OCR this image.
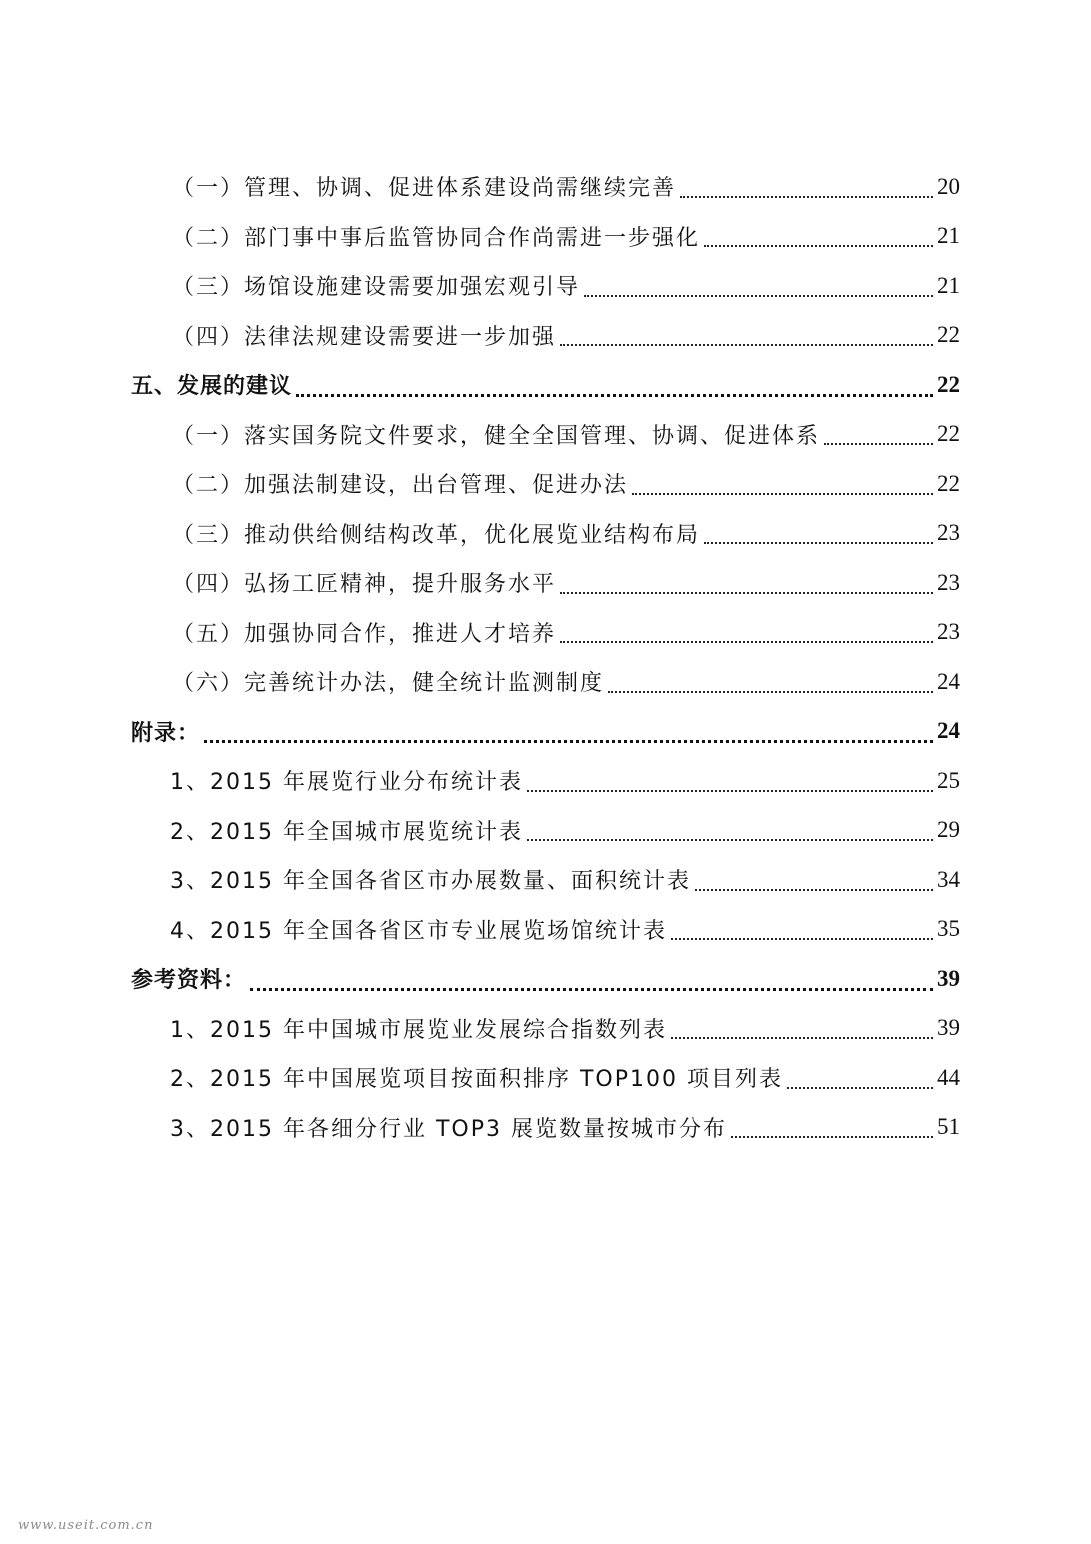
（一）管理、协调、促进体系建设尚需继续完善	20
（二）部门事中事后监管协同合作尚需进一步强化	21
（三）场馆设施建设需要加强宏观引导	21
（四）法律法规建设需要进一步加强	22
五、发展的建议	22
（一）落实国务院文件要求，健全全国管理、协调、促进体系	22
（二）加强法制建设，出台管理、促进办法	22
（三）推动供给侧结构改革，优化展览业结构布局	23
（四）弘扬工匠精神，提升服务水平	23
（五）加强协同合作，推进人才培养	23
（六）完善统计办法，健全统计监测制度	24
附录：	24
1、2015 年展览行业分布统计表	25
2、2015 年全国城市展览统计表	29
3、2015 年全国各省区市办展数量、面积统计表	34
4、2015 年全国各省区市专业展览场馆统计表	35
参考资料：	39
1、2015 年中国城市展览业发展综合指数列表	39
2、2015 年中国展览项目按面积排序 TOP100 项目列表	44
3、2015 年各细分行业 TOP3 展览数量按城市分布	51
www.useit.com.cn
